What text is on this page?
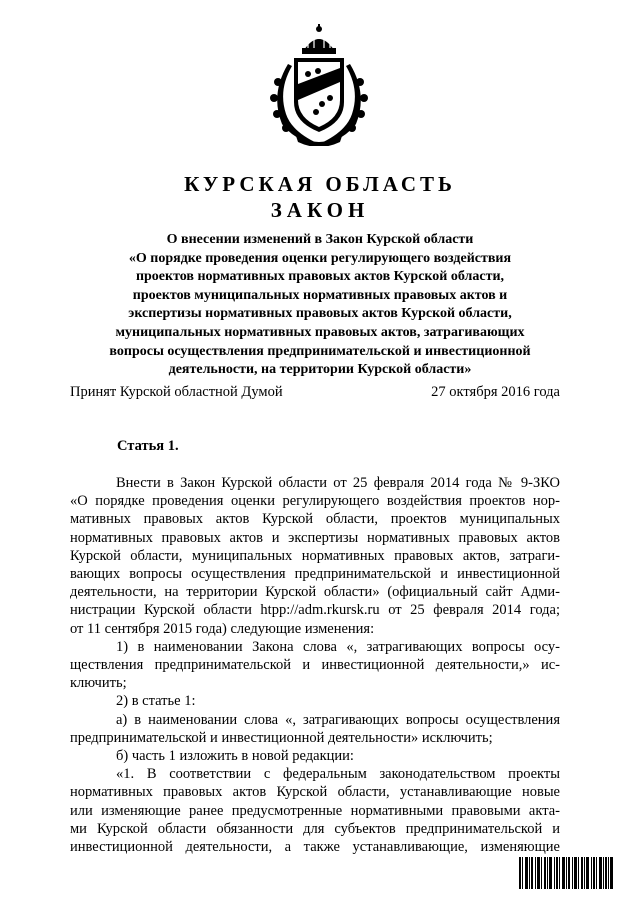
КУРСКАЯ ОБЛАСТЬ
ЗАКОН
О внесении изменений в Закон Курской области
«О порядке проведения оценки регулирующего воздействия
проектов нормативных правовых актов Курской области,
проектов муниципальных нормативных правовых актов и
экспертизы нормативных правовых актов Курской области,
муниципальных нормативных правовых актов, затрагивающих
вопросы осуществления предпринимательской и инвестиционной
деятельности, на территории Курской области»
Принят Курской областной Думой	27 октября 2016 года
Статья 1.
Внести в Закон Курской области от 25 февраля 2014 года № 9-ЗКО
«О порядке проведения оценки регулирующего воздействия проектов нор-
мативных правовых актов Курской области, проектов муниципальных
нормативных правовых актов и экспертизы нормативных правовых актов
Курской области, муниципальных нормативных правовых актов, затраги-
вающих вопросы осуществления предпринимательской и инвестиционной
деятельности, на территории Курской области» (официальный сайт Адми-
нистрации Курской области htpp://adm.rkursk.ru от 25 февраля 2014 года;
от 11 сентября 2015 года) следующие изменения:
1) в наименовании Закона слова «, затрагивающих вопросы осу-
ществления предпринимательской и инвестиционной деятельности,» ис-
ключить;
2) в статье 1:
а) в наименовании слова «, затрагивающих вопросы осуществления
предпринимательской и инвестиционной деятельности» исключить;
б) часть 1 изложить в новой редакции:
«1. В соответствии с федеральным законодательством проекты
нормативных правовых актов Курской области, устанавливающие новые
или изменяющие ранее предусмотренные нормативными правовыми акта-
ми Курской области обязанности для субъектов предпринимательской и
инвестиционной деятельности, а также устанавливающие, изменяющие
